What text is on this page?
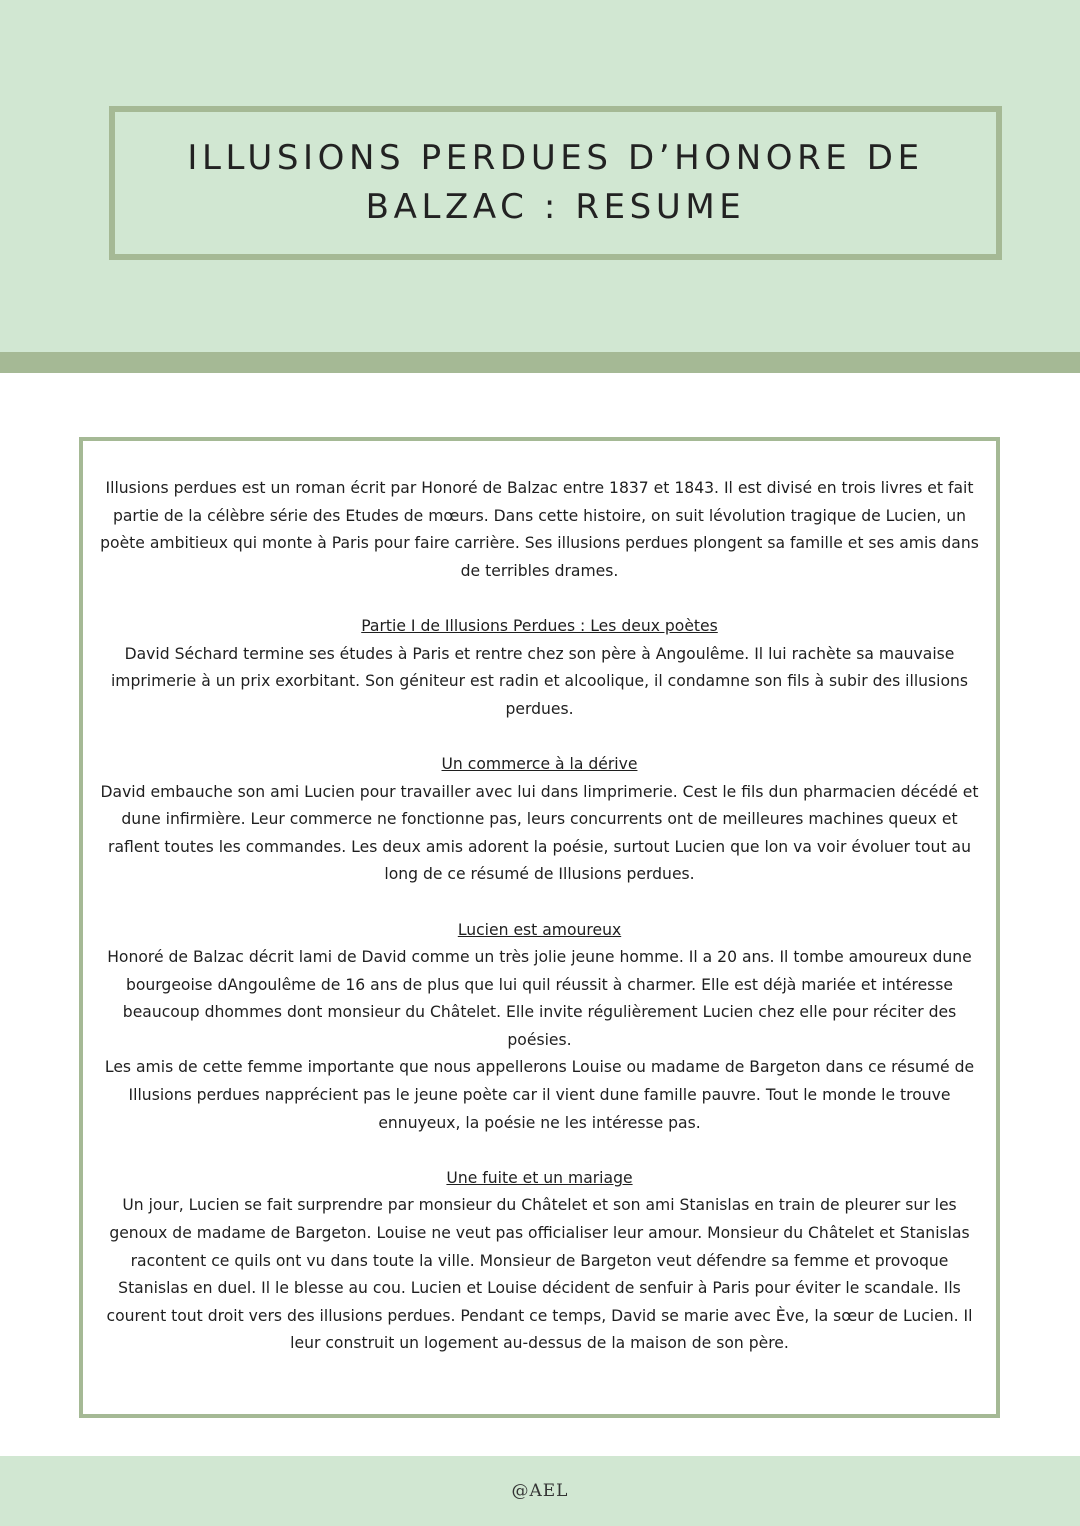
ILLUSIONS PERDUES D’HONORE DE BALZAC : RESUME

Illusions perdues est un roman écrit par Honoré de Balzac entre 1837 et 1843. Il est divisé en trois livres et fait partie de la célèbre série des Etudes de mœurs. Dans cette histoire, on suit lévolution tragique de Lucien, un poète ambitieux qui monte à Paris pour faire carrière. Ses illusions perdues plongent sa famille et ses amis dans de terribles drames.

Partie I de Illusions Perdues : Les deux poètes

David Séchard termine ses études à Paris et rentre chez son père à Angoulême. Il lui rachète sa mauvaise imprimerie à un prix exorbitant. Son géniteur est radin et alcoolique, il condamne son fils à subir des illusions perdues.

Un commerce à la dérive

David embauche son ami Lucien pour travailler avec lui dans limprimerie. Cest le fils dun pharmacien décédé et dune infirmière. Leur commerce ne fonctionne pas, leurs concurrents ont de meilleures machines queux et raflent toutes les commandes. Les deux amis adorent la poésie, surtout Lucien que lon va voir évoluer tout au long de ce résumé de Illusions perdues.

Lucien est amoureux

Honoré de Balzac décrit lami de David comme un très jolie jeune homme. Il a 20 ans. Il tombe amoureux dune bourgeoise dAngoulême de 16 ans de plus que lui quil réussit à charmer. Elle est déjà mariée et intéresse beaucoup dhommes dont monsieur du Châtelet. Elle invite régulièrement Lucien chez elle pour réciter des poésies.

Les amis de cette femme importante que nous appellerons Louise ou madame de Bargeton dans ce résumé de Illusions perdues napprécient pas le jeune poète car il vient dune famille pauvre. Tout le monde le trouve ennuyeux, la poésie ne les intéresse pas.

Une fuite et un mariage

Un jour, Lucien se fait surprendre par monsieur du Châtelet et son ami Stanislas en train de pleurer sur les genoux de madame de Bargeton. Louise ne veut pas officialiser leur amour. Monsieur du Châtelet et Stanislas racontent ce quils ont vu dans toute la ville. Monsieur de Bargeton veut défendre sa femme et provoque Stanislas en duel. Il le blesse au cou. Lucien et Louise décident de senfuir à Paris pour éviter le scandale. Ils courent tout droit vers des illusions perdues. Pendant ce temps, David se marie avec Ève, la sœur de Lucien. Il leur construit un logement au-dessus de la maison de son père.

@AEL
